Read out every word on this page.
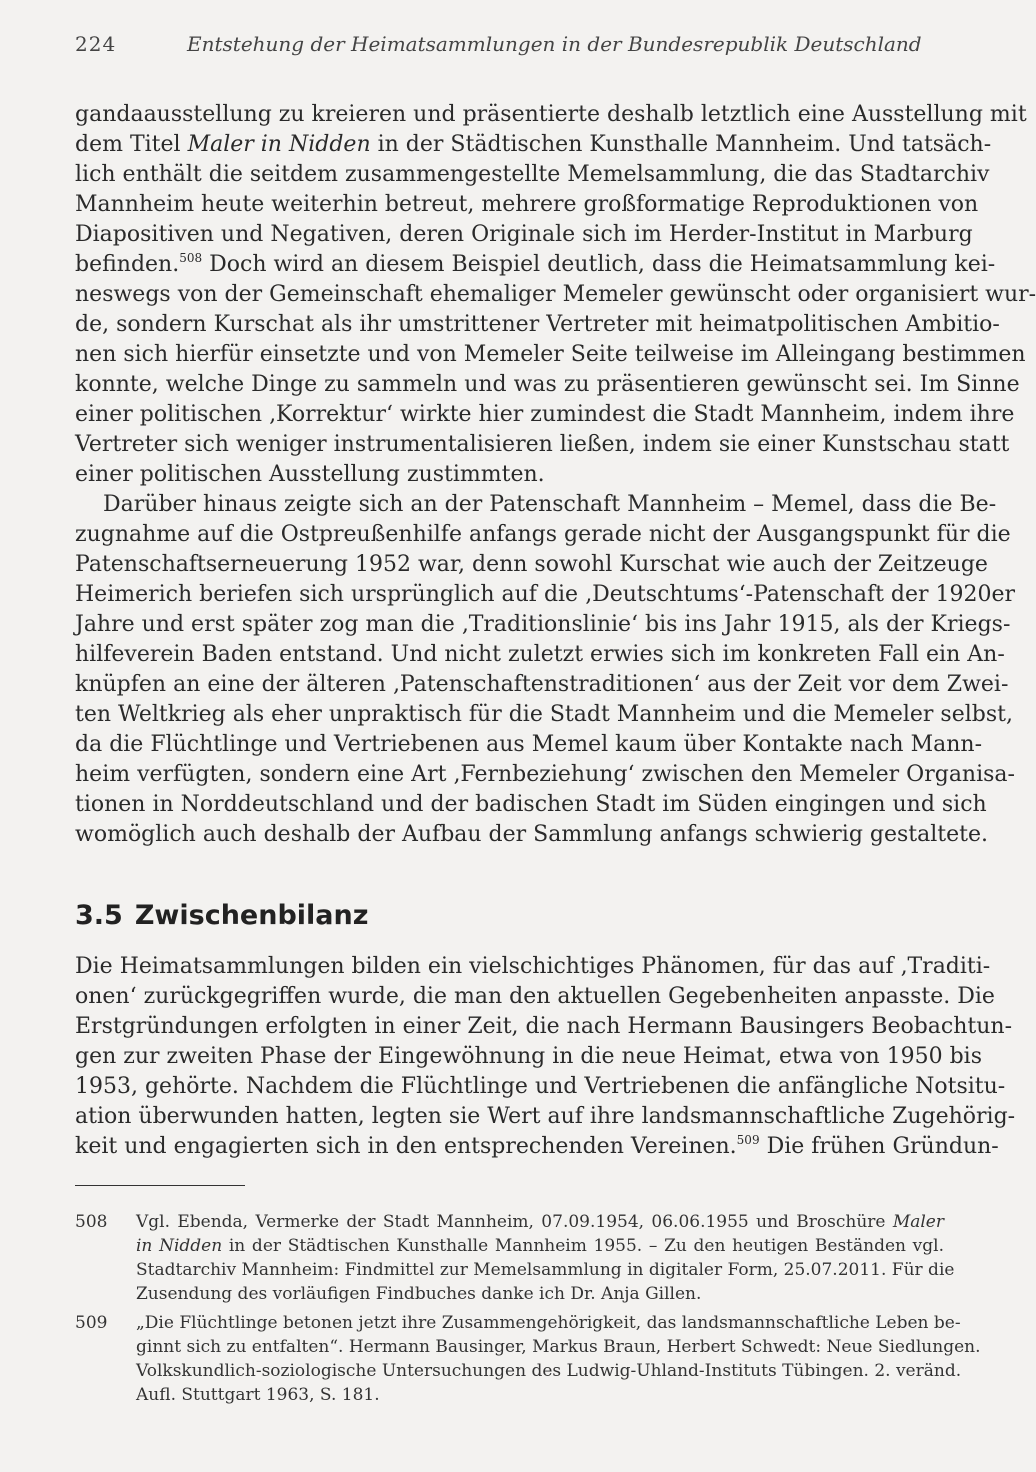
224	Entstehung der Heimatsammlungen in der Bundesrepublik Deutschland
gandaausstellung zu kreieren und präsentierte deshalb letztlich eine Ausstellung mit
dem Titel Maler in Nidden in der Städtischen Kunsthalle Mannheim. Und tatsäch-
lich enthält die seitdem zusammengestellte Memelsammlung, die das Stadtarchiv
Mannheim heute weiterhin betreut, mehrere großformatige Reproduktionen von
Diapositiven und Negativen, deren Originale sich im Herder-Institut in Marburg
befinden.$^{508}$ Doch wird an diesem Beispiel deutlich, dass die Heimatsammlung kei-
neswegs von der Gemeinschaft ehemaliger Memeler gewünscht oder organisiert wur-
de, sondern Kurschat als ihr umstrittener Vertreter mit heimatpolitischen Ambitio-
nen sich hierfür einsetzte und von Memeler Seite teilweise im Alleingang bestimmen
konnte, welche Dinge zu sammeln und was zu präsentieren gewünscht sei. Im Sinne
einer politischen ‚Korrektur‘ wirkte hier zumindest die Stadt Mannheim, indem ihre
Vertreter sich weniger instrumentalisieren ließen, indem sie einer Kunstschau statt
einer politischen Ausstellung zustimmten.
Darüber hinaus zeigte sich an der Patenschaft Mannheim – Memel, dass die Be-
zugnahme auf die Ostpreußenhilfe anfangs gerade nicht der Ausgangspunkt für die
Patenschaftserneuerung 1952 war, denn sowohl Kurschat wie auch der Zeitzeuge
Heimerich beriefen sich ursprünglich auf die ‚Deutschtums‘-Patenschaft der 1920er
Jahre und erst später zog man die ‚Traditionslinie‘ bis ins Jahr 1915, als der Kriegs-
hilfeverein Baden entstand. Und nicht zuletzt erwies sich im konkreten Fall ein An-
knüpfen an eine der älteren ‚Patenschaftenstraditionen‘ aus der Zeit vor dem Zwei-
ten Weltkrieg als eher unpraktisch für die Stadt Mannheim und die Memeler selbst,
da die Flüchtlinge und Vertriebenen aus Memel kaum über Kontakte nach Mann-
heim verfügten, sondern eine Art ‚Fernbeziehung‘ zwischen den Memeler Organisa-
tionen in Norddeutschland und der badischen Stadt im Süden eingingen und sich
womöglich auch deshalb der Aufbau der Sammlung anfangs schwierig gestaltete.
3.5 Zwischenbilanz
Die Heimatsammlungen bilden ein vielschichtiges Phänomen, für das auf ‚Traditi-
onen‘ zurückgegriffen wurde, die man den aktuellen Gegebenheiten anpasste. Die
Erstgründungen erfolgten in einer Zeit, die nach Hermann Bausingers Beobachtun-
gen zur zweiten Phase der Eingewöhnung in die neue Heimat, etwa von 1950 bis
1953, gehörte. Nachdem die Flüchtlinge und Vertriebenen die anfängliche Notsitu-
ation überwunden hatten, legten sie Wert auf ihre landsmannschaftliche Zugehörig-
keit und engagierten sich in den entsprechenden Vereinen.$^{509}$ Die frühen Gründun-
508 Vgl. Ebenda, Vermerke der Stadt Mannheim, 07.09.1954, 06.06.1955 und Broschüre Maler
in Nidden in der Städtischen Kunsthalle Mannheim 1955. – Zu den heutigen Beständen vgl.
Stadtarchiv Mannheim: Findmittel zur Memelsammlung in digitaler Form, 25.07.2011. Für die
Zusendung des vorläufigen Findbuches danke ich Dr. Anja Gillen.
509 „Die Flüchtlinge betonen jetzt ihre Zusammengehörigkeit, das landsmannschaftliche Leben be-
ginnt sich zu entfalten“. Hermann Bausinger, Markus Braun, Herbert Schwedt: Neue Siedlungen.
Volkskundlich-soziologische Untersuchungen des Ludwig-Uhland-Instituts Tübingen. 2. veränd.
Aufl. Stuttgart 1963, S. 181.
